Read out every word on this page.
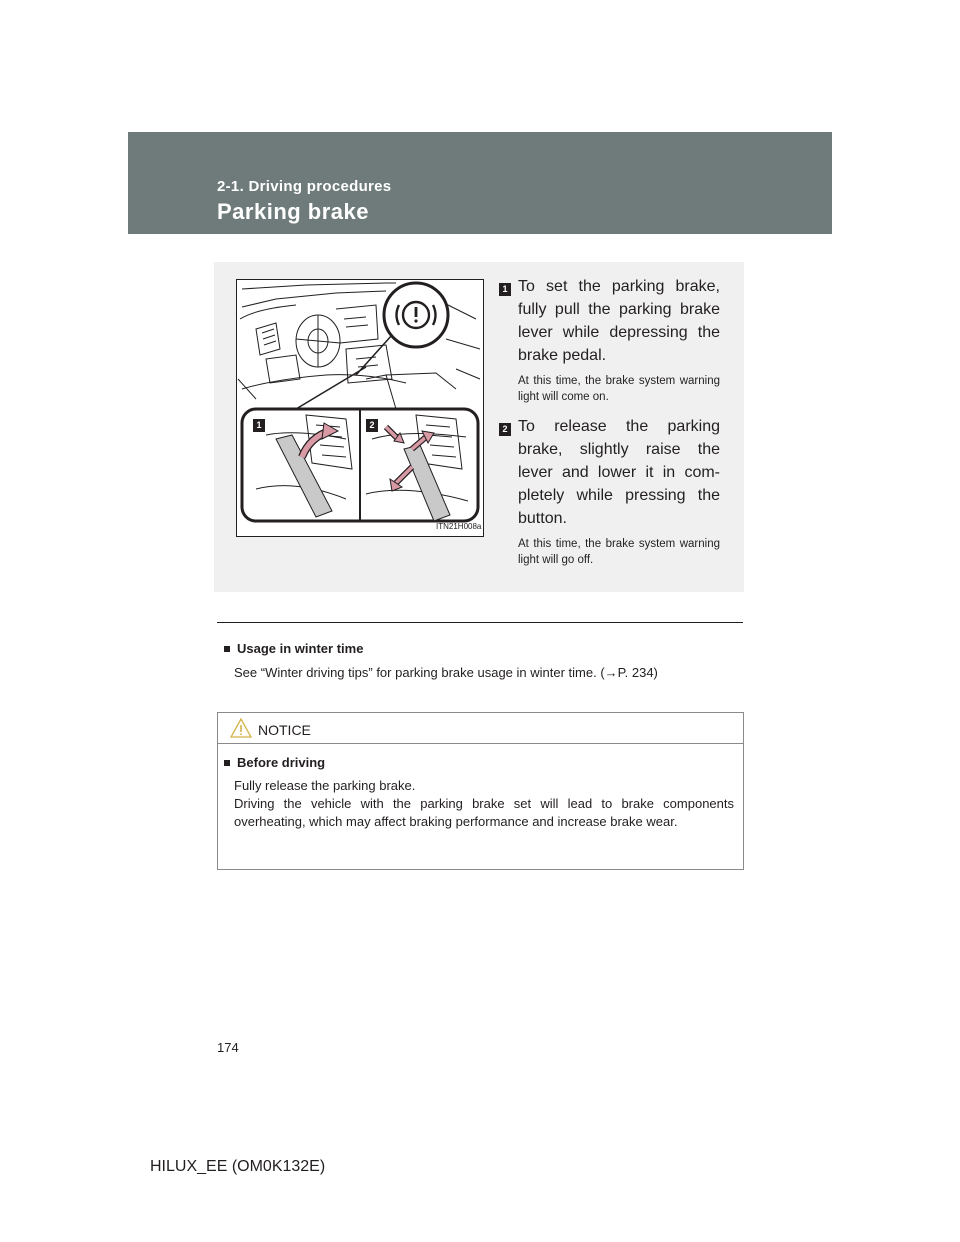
2-1. Driving procedures
Parking brake
1	2
ITN21H008a
1 To set the parking brake, fully pull the parking brake lever while depressing the brake pedal.
At this time, the brake system warning light will come on.
2 To release the parking brake, slightly raise the lever and lower it in com-pletely while pressing the button.
At this time, the brake system warning light will go off.
Usage in winter time
See “Winter driving tips” for parking brake usage in winter time. (→P. 234)
NOTICE
Before driving
Fully release the parking brake.
Driving the vehicle with the parking brake set will lead to brake components overheating, which may affect braking performance and increase brake wear.
174
HILUX_EE (OM0K132E)
